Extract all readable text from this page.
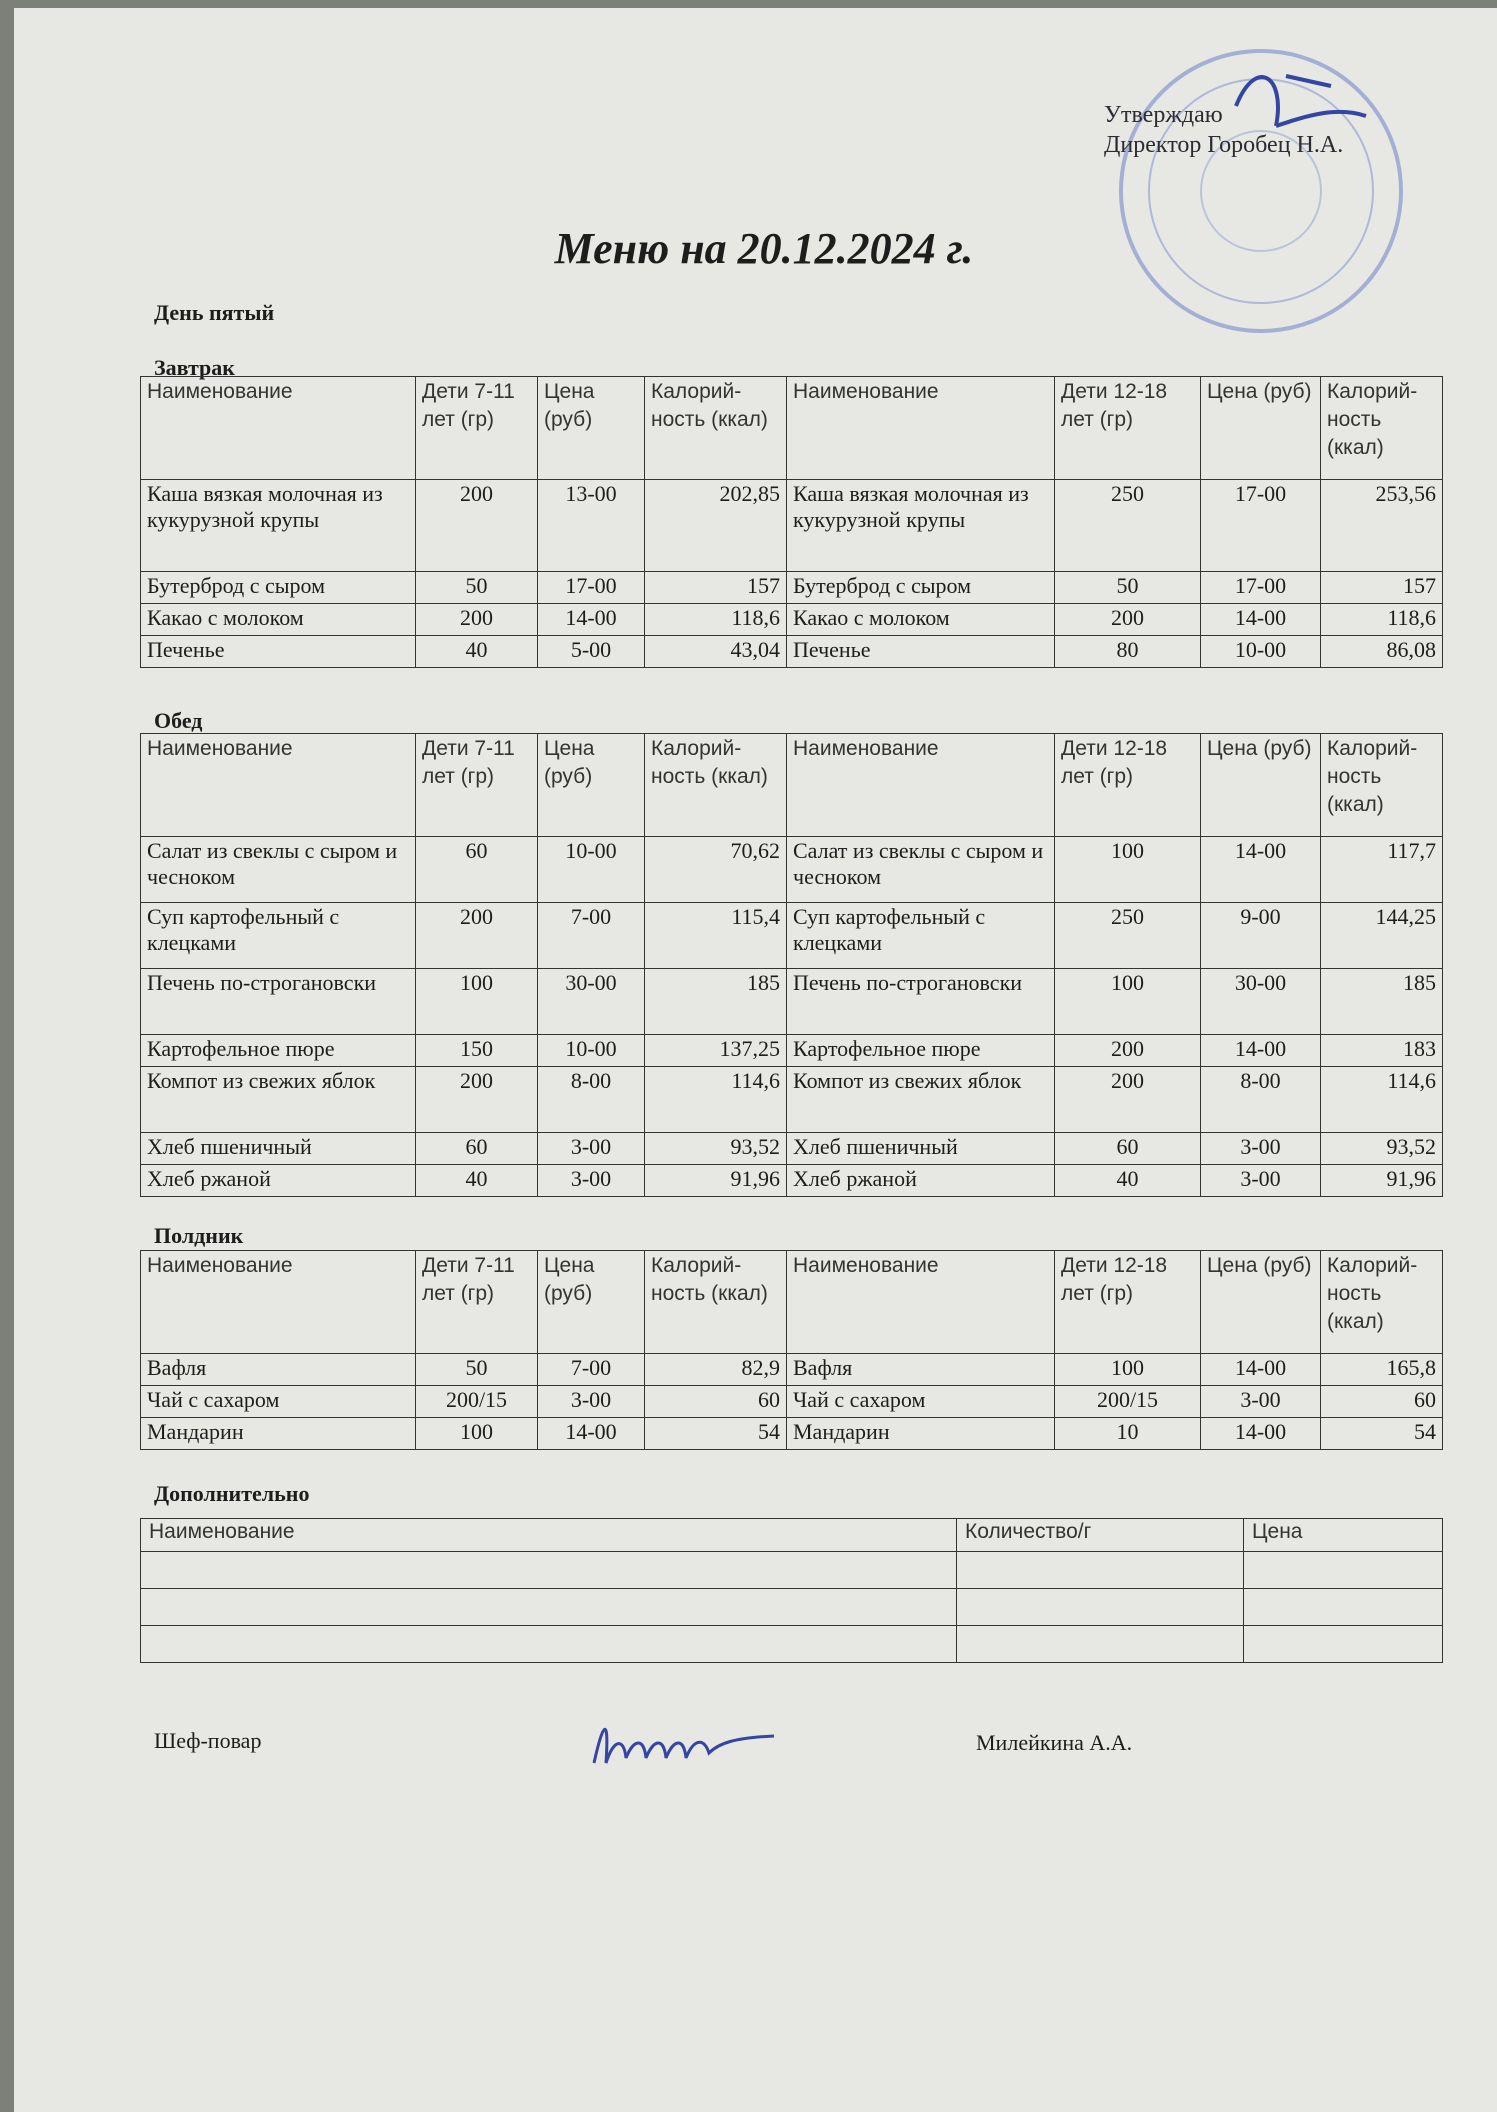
Утверждаю
Директор Горобец Н.А.
Меню на 20.12.2024 г.
День пятый
Завтрак
Наименование	Дети 7-11 лет (гр)	Цена (руб)	Калорий-ность (ккал)	Наименование	Дети 12-18 лет (гр)	Цена (руб)	Калорий-ность (ккал)
Каша вязкая молочная из кукурузной крупы	200	13-00	202,85	Каша вязкая молочная из кукурузной крупы	250	17-00	253,56
Бутерброд с сыром	50	17-00	157	Бутерброд с сыром	50	17-00	157
Какао с молоком	200	14-00	118,6	Какао с молоком	200	14-00	118,6
Печенье	40	5-00	43,04	Печенье	80	10-00	86,08
Обед
Наименование	Дети 7-11 лет (гр)	Цена (руб)	Калорий-ность (ккал)	Наименование	Дети 12-18 лет (гр)	Цена (руб)	Калорий-ность (ккал)
Салат из свеклы с сыром и чесноком	60	10-00	70,62	Салат из свеклы с сыром и чесноком	100	14-00	117,7
Суп картофельный с клецками	200	7-00	115,4	Суп картофельный с клецками	250	9-00	144,25
Печень по-строгановски	100	30-00	185	Печень по-строгановски	100	30-00	185
Картофельное пюре	150	10-00	137,25	Картофельное пюре	200	14-00	183
Компот из свежих яблок	200	8-00	114,6	Компот из свежих яблок	200	8-00	114,6
Хлеб пшеничный	60	3-00	93,52	Хлеб пшеничный	60	3-00	93,52
Хлеб ржаной	40	3-00	91,96	Хлеб ржаной	40	3-00	91,96
Полдник
Наименование	Дети 7-11 лет (гр)	Цена (руб)	Калорий-ность (ккал)	Наименование	Дети 12-18 лет (гр)	Цена (руб)	Калорий-ность (ккал)
Вафля	50	7-00	82,9	Вафля	100	14-00	165,8
Чай с сахаром	200/15	3-00	60	Чай с сахаром	200/15	3-00	60
Мандарин	100	14-00	54	Мандарин	10	14-00	54
Дополнительно
Наименование	Количество/г	Цена

Шеф-повар	Милейкина А.А.
